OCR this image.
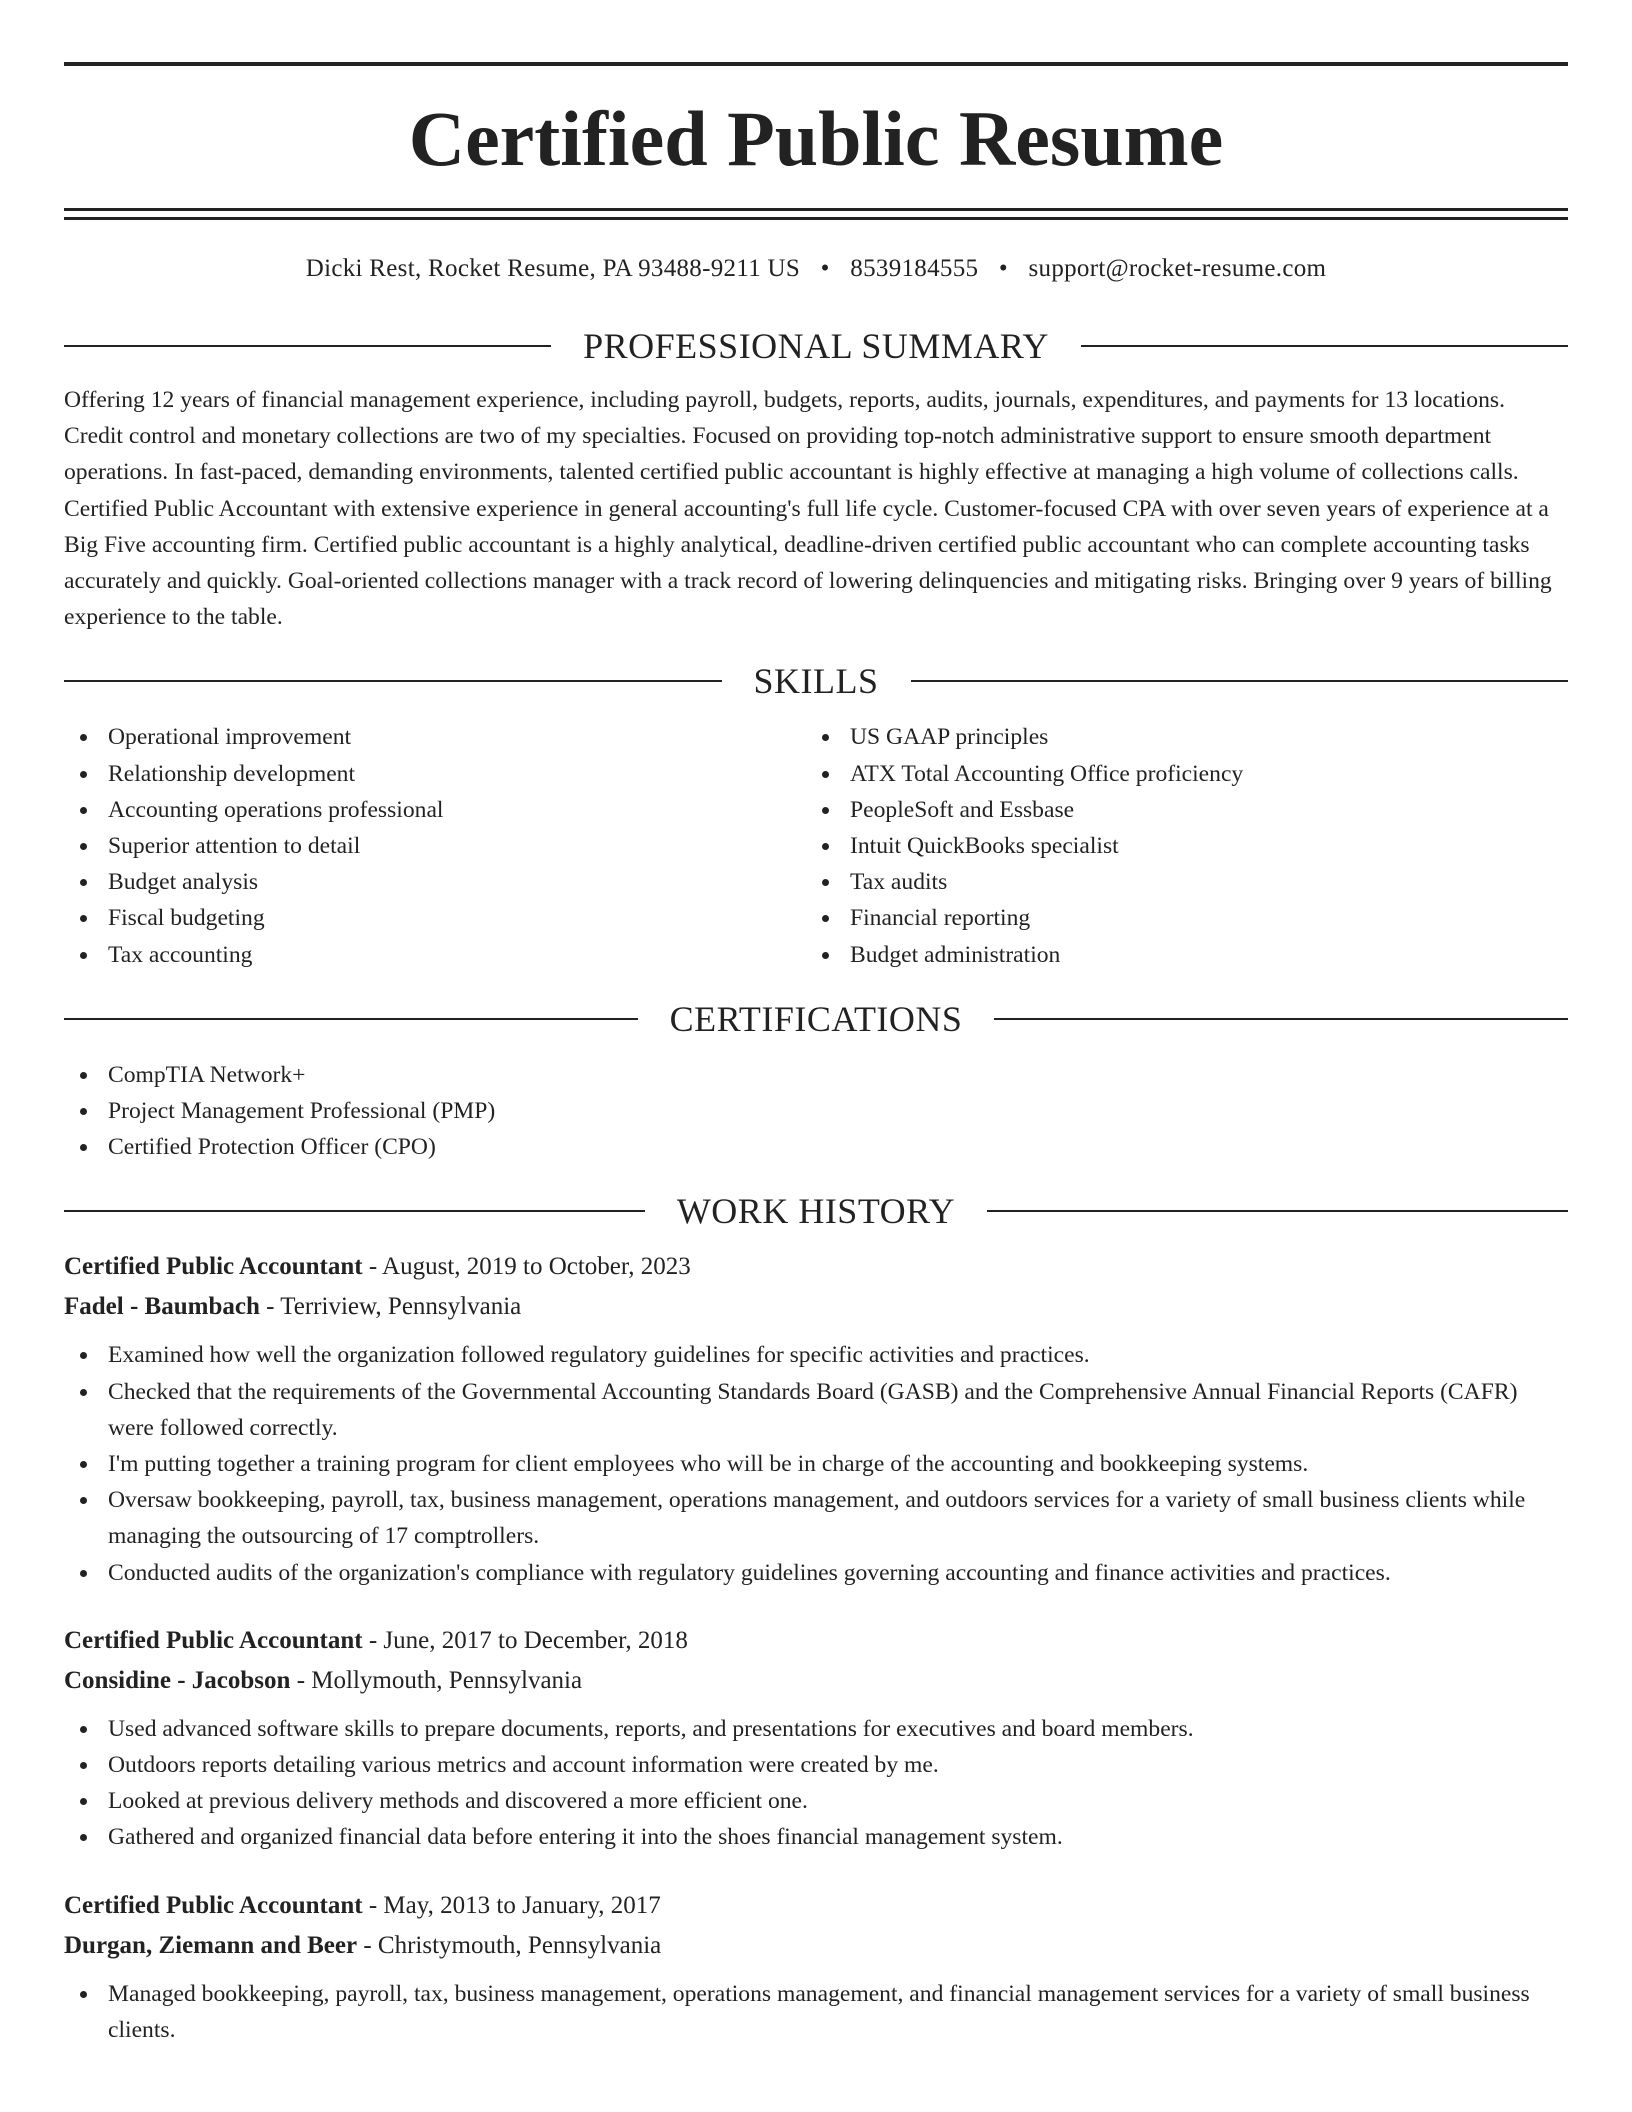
Certified Public Resume
Dicki Rest, Rocket Resume, PA 93488-9211 US • 8539184555 • support@rocket-resume.com
PROFESSIONAL SUMMARY

Offering 12 years of financial management experience, including payroll, budgets, reports, audits, journals, expenditures, and payments for 13 locations. Credit control and monetary collections are two of my specialties. Focused on providing top-notch administrative support to ensure smooth department operations. In fast-paced, demanding environments, talented certified public accountant is highly effective at managing a high volume of collections calls. Certified Public Accountant with extensive experience in general accounting's full life cycle. Customer-focused CPA with over seven years of experience at a Big Five accounting firm. Certified public accountant is a highly analytical, deadline-driven certified public accountant who can complete accounting tasks accurately and quickly. Goal-oriented collections manager with a track record of lowering delinquencies and mitigating risks. Bringing over 9 years of billing experience to the table.

SKILLS
Operational improvement
Relationship development
Accounting operations professional
Superior attention to detail
Budget analysis
Fiscal budgeting
Tax accounting
US GAAP principles
ATX Total Accounting Office proficiency
PeopleSoft and Essbase
Intuit QuickBooks specialist
Tax audits
Financial reporting
Budget administration
CERTIFICATIONS
CompTIA Network+
Project Management Professional (PMP)
Certified Protection Officer (CPO)
WORK HISTORY
Certified Public Accountant - August, 2019 to October, 2023
Fadel - Baumbach - Terriview, Pennsylvania
Examined how well the organization followed regulatory guidelines for specific activities and practices.
Checked that the requirements of the Governmental Accounting Standards Board (GASB) and the Comprehensive Annual Financial Reports (CAFR) were followed correctly.
I'm putting together a training program for client employees who will be in charge of the accounting and bookkeeping systems.
Oversaw bookkeeping, payroll, tax, business management, operations management, and outdoors services for a variety of small business clients while managing the outsourcing of 17 comptrollers.
Conducted audits of the organization's compliance with regulatory guidelines governing accounting and finance activities and practices.
Certified Public Accountant - June, 2017 to December, 2018
Considine - Jacobson - Mollymouth, Pennsylvania
Used advanced software skills to prepare documents, reports, and presentations for executives and board members.
Outdoors reports detailing various metrics and account information were created by me.
Looked at previous delivery methods and discovered a more efficient one.
Gathered and organized financial data before entering it into the shoes financial management system.
Certified Public Accountant - May, 2013 to January, 2017
Durgan, Ziemann and Beer - Christymouth, Pennsylvania
Managed bookkeeping, payroll, tax, business management, operations management, and financial management services for a variety of small business clients.
